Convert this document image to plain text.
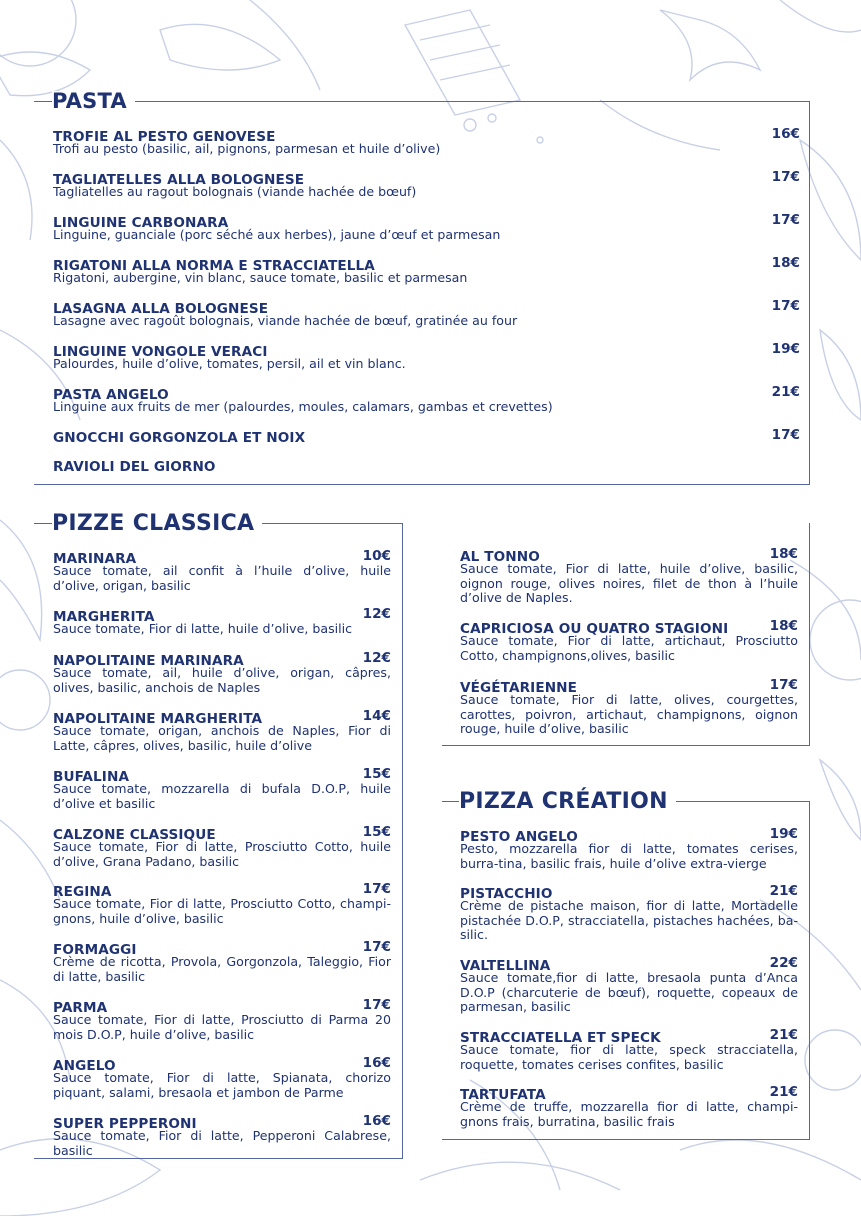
PASTA
TROFIE AL PESTO GENOVESE	16€
Trofi au pesto (basilic, ail, pignons, parmesan et huile d’olive)
TAGLIATELLES ALLA BOLOGNESE	17€
Tagliatelles au ragout bolognais (viande hachée de bœuf)
LINGUINE CARBONARA	17€
Linguine, guanciale (porc séché aux herbes), jaune d’œuf et parmesan
RIGATONI ALLA NORMA E STRACCIATELLA	18€
Rigatoni, aubergine, vin blanc, sauce tomate, basilic et parmesan
LASAGNA ALLA BOLOGNESE	17€
Lasagne avec ragoût bolognais, viande hachée de bœuf, gratinée au four
LINGUINE VONGOLE VERACI	19€
Palourdes, huile d’olive, tomates, persil, ail et vin blanc.
PASTA ANGELO	21€
Linguine aux fruits de mer (palourdes, moules, calamars, gambas et crevettes)
GNOCCHI GORGONZOLA ET NOIX	17€
RAVIOLI DEL GIORNO
PIZZE CLASSICA
MARINARA	10€
Sauce tomate, ail confit à l’huile d’olive, huile d’olive, origan, basilic
MARGHERITA	12€
Sauce tomate, Fior di latte, huile d’olive, basilic
NAPOLITAINE MARINARA	12€
Sauce tomate, ail, huile d’olive, origan, câpres, olives, basilic, anchois de Naples
NAPOLITAINE MARGHERITA	14€
Sauce tomate, origan, anchois de Naples, Fior di Latte, câpres, olives, basilic, huile d’olive
BUFALINA	15€
Sauce tomate, mozzarella di bufala D.O.P, huile d’olive et basilic
CALZONE CLASSIQUE	15€
Sauce tomate, Fior di latte, Prosciutto Cotto, huile d’olive, Grana Padano, basilic
REGINA	17€
Sauce tomate, Fior di latte, Prosciutto Cotto, champi-gnons, huile d’olive, basilic
FORMAGGI	17€
Crème de ricotta, Provola, Gorgonzola, Taleggio, Fior di latte, basilic
PARMA	17€
Sauce tomate, Fior di latte, Prosciutto di Parma 20 mois D.O.P, huile d’olive, basilic
ANGELO	16€
Sauce tomate, Fior di latte, Spianata, chorizo piquant, salami, bresaola et jambon de Parme
SUPER PEPPERONI	16€
Sauce tomate, Fior di latte, Pepperoni Calabrese, basilic
AL TONNO	18€
Sauce tomate, Fior di latte, huile d’olive, basilic, oignon rouge, olives noires, filet de thon à l’huile d’olive de Naples.
CAPRICIOSA OU QUATRO STAGIONI	18€
Sauce tomate, Fior di latte, artichaut, Prosciutto Cotto, champignons,olives, basilic
VÉGÉTARIENNE	17€
Sauce tomate, Fior di latte, olives, courgettes, carottes, poivron, artichaut, champignons, oignon rouge, huile d’olive, basilic
PIZZA CRÉATION
PESTO ANGELO	19€
Pesto, mozzarella fior di latte, tomates cerises, burra-tina, basilic frais, huile d’olive extra-vierge
PISTACCHIO	21€
Crème de pistache maison, fior di latte, Mortadelle pistachée D.O.P, stracciatella, pistaches hachées, ba-silic.
VALTELLINA	22€
Sauce tomate,fior di latte, bresaola punta d’Anca D.O.P (charcuterie de bœuf), roquette, copeaux de parmesan, basilic
STRACCIATELLA ET SPECK	21€
Sauce tomate, fior di latte, speck stracciatella, roquette, tomates cerises confites, basilic
TARTUFATA	21€
Crème de truffe, mozzarella fior di latte, champi-gnons frais, burratina, basilic frais
